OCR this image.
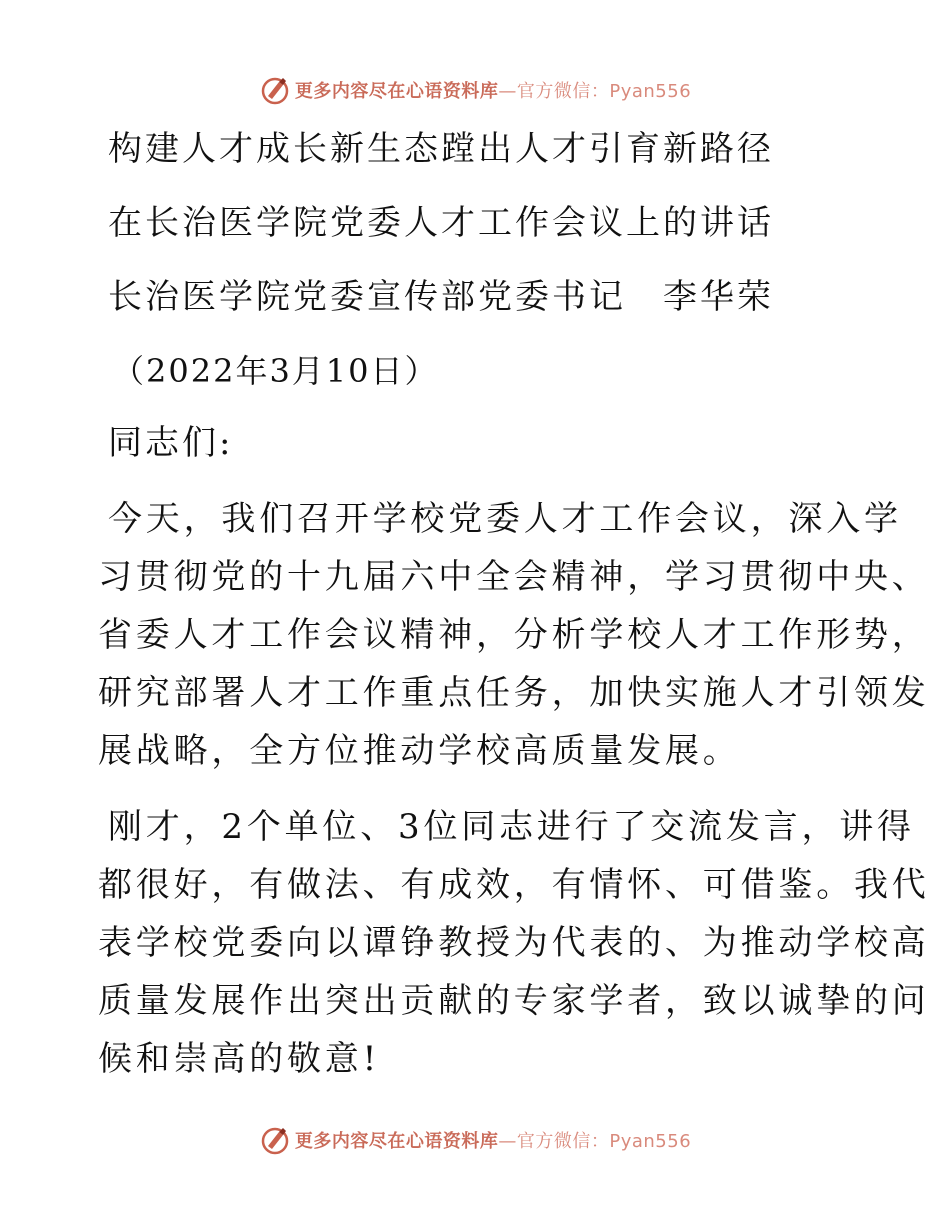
更多内容尽在心语资料库—官方微信：Pyan556
构建人才成长新生态蹚出人才引育新路径
在长治医学院党委人才工作会议上的讲话
长治医学院党委宣传部党委书记　李华荣
（2022年3月10日）
同志们:
今天，我们召开学校党委人才工作会议，深入学
习贯彻党的十九届六中全会精神，学习贯彻中央、
省委人才工作会议精神，分析学校人才工作形势，
研究部署人才工作重点任务，加快实施人才引领发
展战略，全方位推动学校高质量发展。
刚才，2个单位、3位同志进行了交流发言，讲得
都很好，有做法、有成效，有情怀、可借鉴。我代
表学校党委向以谭铮教授为代表的、为推动学校高
质量发展作出突出贡献的专家学者，致以诚挚的问
候和崇高的敬意!
更多内容尽在心语资料库—官方微信：Pyan556
